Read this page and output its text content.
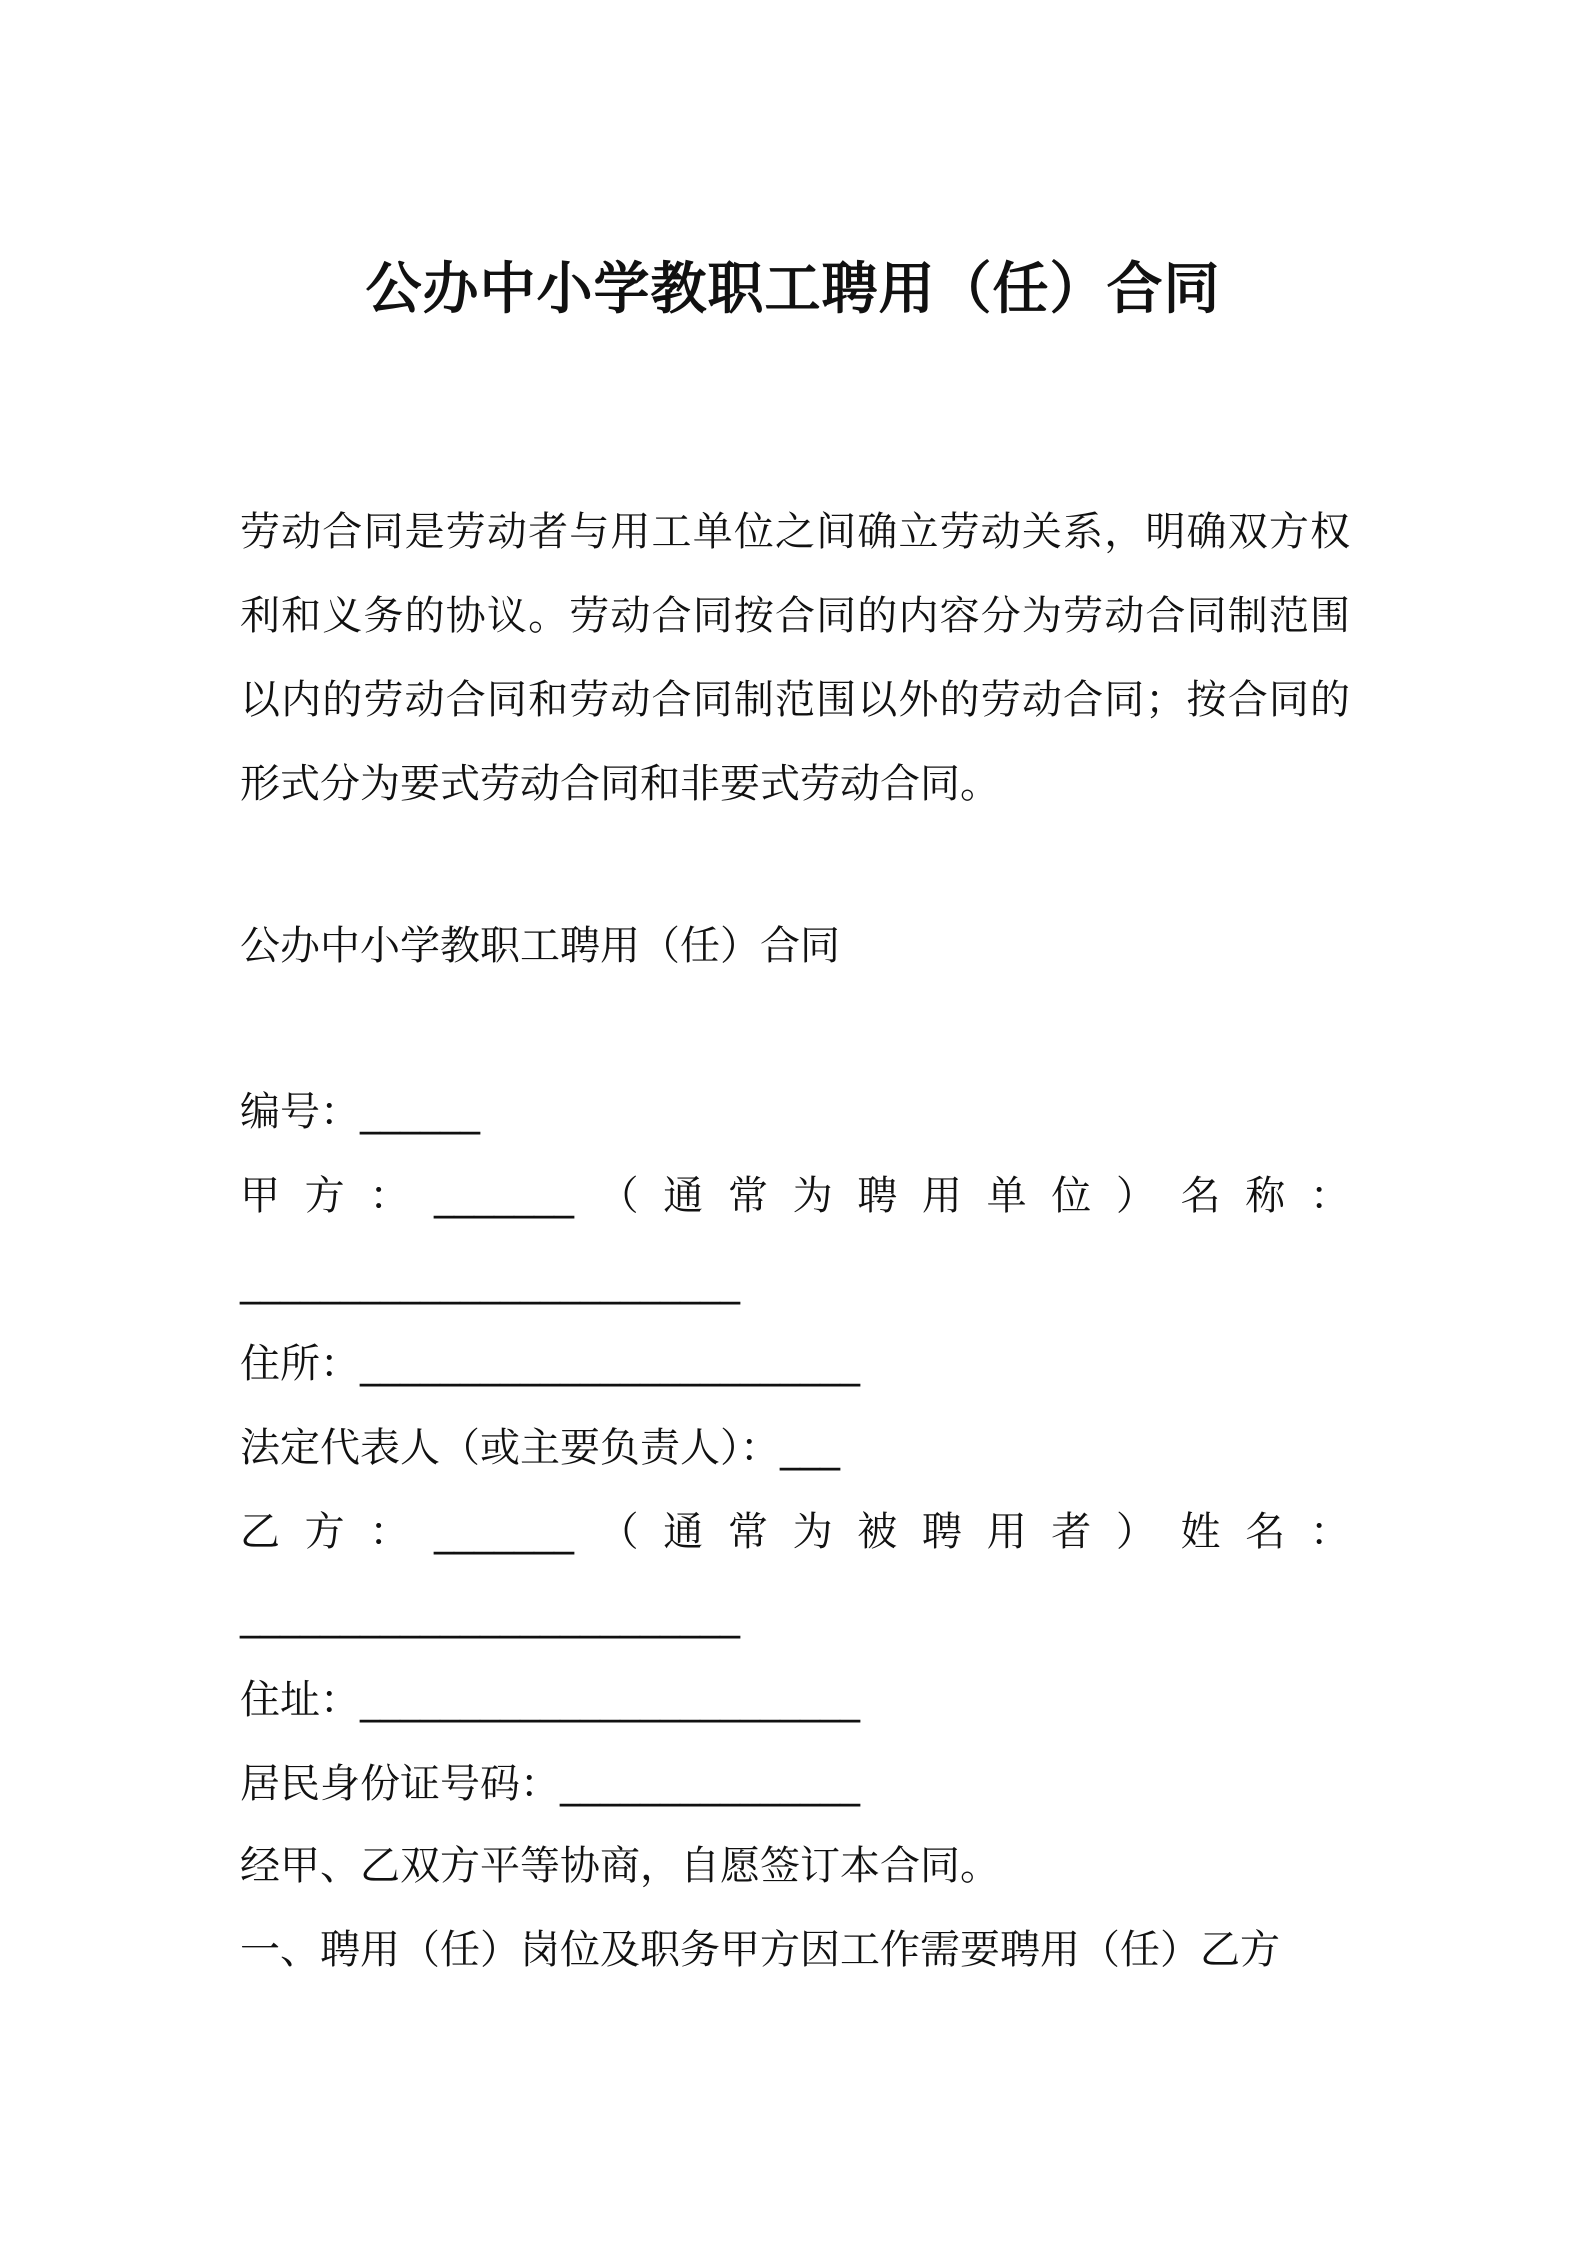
公办中小学教职工聘用（任）合同
劳动合同是劳动者与用工单位之间确立劳动关系，明确双方权利和义务的协议。劳动合同按合同的内容分为劳动合同制范围以内的劳动合同和劳动合同制范围以外的劳动合同；按合同的形式分为要式劳动合同和非要式劳动合同。
公办中小学教职工聘用（任）合同
编号：______
甲 方 ： _______ （ 通 常 为 聘 用 单 位 ） 名 称 ：
_________________________
住所：_________________________
法定代表人（或主要负责人）：___
乙 方 ： _______ （ 通 常 为 被 聘 用 者 ） 姓 名 ：
_________________________
住址：_________________________
居民身份证号码：_______________
经甲、乙双方平等协商，自愿签订本合同。
一、聘用（任）岗位及职务甲方因工作需要聘用（任）乙方
